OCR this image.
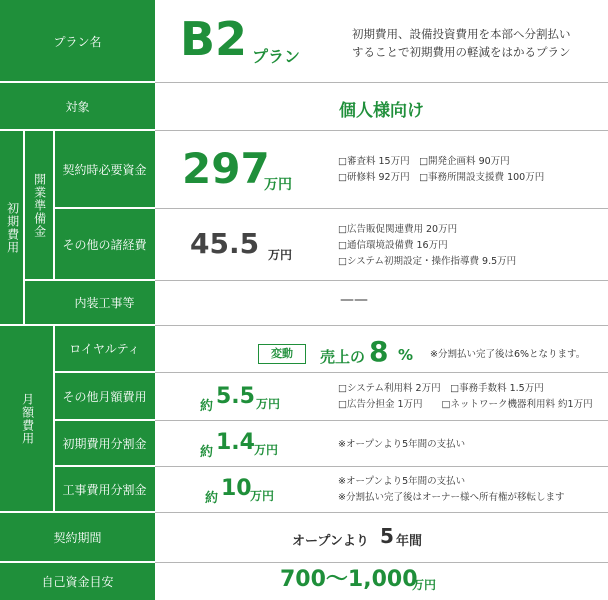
プラン名
対象
初期費用 開業準備金
契約時必要資金
その他の諸経費
内装工事等
月額費用
ロイヤルティ
その他月額費用
初期費用分割金
工事費用分割金
契約期間
自己資金目安
B2 プラン
初期費用、設備投資費用を本部へ分割払い
することで初期費用の軽減をはかるプラン
個人様向け
297
万円
□審査料 15万円　□開発企画料 90万円
□研修料 92万円　□事務所開設支援費 100万円
45.5 万円
□広告販促関連費用 20万円
□通信環境設備費 16万円
□システム初期設定・操作指導費 9.5万円
——
変動	売上の 8 % ※分割払い完了後は6%となります。
約 5.5 万円
□システム利用料 2万円　□事務手数料 1.5万円
□広告分担金 1万円　　□ネットワーク機器利用料 約1万円
約 1.4 万円	※オープンより5年間の支払い
約 10
万円
※オープンより5年間の支払い
※分割払い完了後はオーナー様へ所有権が移転します
オープンより 5 年間
700～1,000
万円
